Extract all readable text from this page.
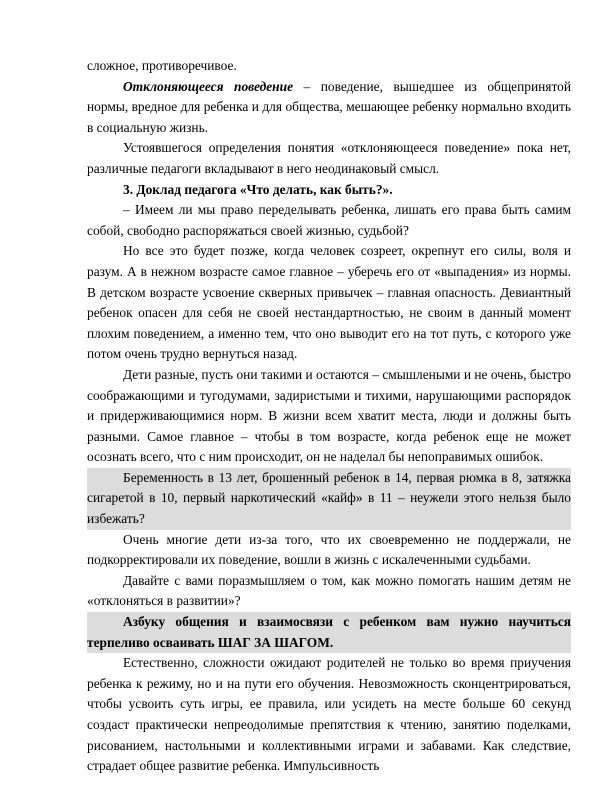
сложное, противоречивое.

Отклоняющееся поведение – поведение, вышедшее из общепринятой нормы, вредное для ребенка и для общества, мешающее ребенку нормально входить в социальную жизнь.

Устоявшегося определения понятия «отклоняющееся поведение» пока нет, различные педагоги вкладывают в него неодинаковый смысл.

3. Доклад педагога «Что делать, как быть?».

– Имеем ли мы право переделывать ребенка, лишать его права быть самим собой, свободно распоряжаться своей жизнью, судьбой?

Но все это будет позже, когда человек созреет, окрепнут его силы, воля и разум. А в нежном возрасте самое главное – уберечь его от «выпадения» из нормы. В детском возрасте усвоение скверных привычек – главная опасность. Девиантный ребенок опасен для себя не своей нестандартностью, не своим в данный момент плохим поведением, а именно тем, что оно выводит его на тот путь, с которого уже потом очень трудно вернуться назад.

Дети разные, пусть они такими и остаются – смышлеными и не очень, быстро соображающими и тугодумами, задиристыми и тихими, нарушающими распорядок и придерживающимися норм. В жизни всем хватит места, люди и должны быть разными. Самое главное – чтобы в том возрасте, когда ребенок еще не может осознать всего, что с ним происходит, он не наделал бы непоправимых ошибок.

Беременность в 13 лет, брошенный ребенок в 14, первая рюмка в 8, затяжка сигаретой в 10, первый наркотический «кайф» в 11 – неужели этого нельзя было избежать?

Очень многие дети из-за того, что их своевременно не поддержали, не подкорректировали их поведение, вошли в жизнь с искалеченными судьбами.

Давайте с вами поразмышляем о том, как можно помогать нашим детям не «отклоняться в развитии»?

Азбуку общения и взаимосвязи с ребенком вам нужно научиться терпеливо осваивать ШАГ ЗА ШАГОМ.

Естественно, сложности ожидают родителей не только во время приучения ребенка к режиму, но и на пути его обучения. Невозможность сконцентрироваться, чтобы усвоить суть игры, ее правила, или усидеть на месте больше 60 секунд создаст практически непреодолимые препятствия к чтению, занятию поделками, рисованием, настольными и коллективными играми и забавами. Как следствие, страдает общее развитие ребенка. Импульсивность
